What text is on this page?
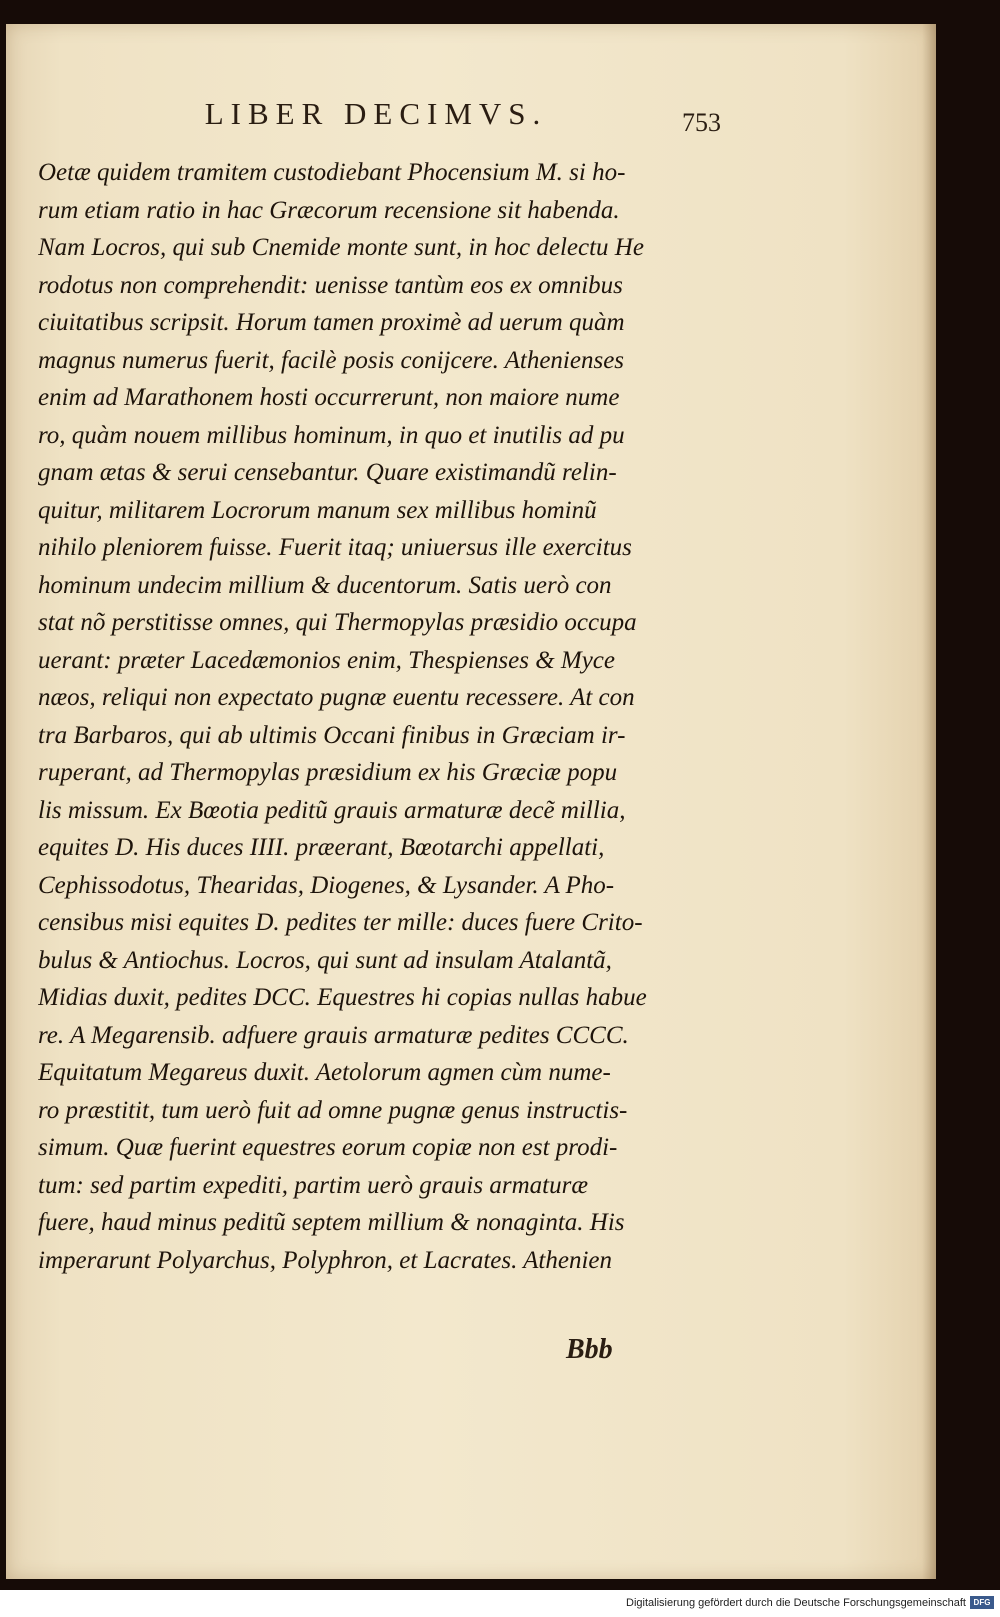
LIBER DECIMVS.	753
Oetæ quidem tramitem custodiebant Phocensium M. si ho-
rum etiam ratio in hac Græcorum recensione sit habenda.
Nam Locros, qui sub Cnemide monte sunt, in hoc delectu He
rodotus non comprehendit: uenisse tantùm eos ex omnibus
ciuitatibus scripsit. Horum tamen proximè ad uerum quàm
magnus numerus fuerit, facilè posis conijcere. Athenienses
enim ad Marathonem hosti occurrerunt, non maiore nume
ro, quàm nouem millibus hominum, in quo et inutilis ad pu
gnam ætas & serui censebantur. Quare existimandũ relin-
quitur, militarem Locrorum manum sex millibus hominũ
nihilo pleniorem fuisse. Fuerit itaq; uniuersus ille exercitus
hominum undecim millium & ducentorum. Satis uerò con
stat nõ perstitisse omnes, qui Thermopylas præsidio occupa
uerant: præter Lacedæmonios enim, Thespienses & Myce
næos, reliqui non expectato pugnæ euentu recessere. At con
tra Barbaros, qui ab ultimis Occani finibus in Græciam ir-
ruperant, ad Thermopylas præsidium ex his Græciæ popu
lis missum. Ex Bœotia peditũ grauis armaturæ decẽ millia,
equites D. His duces IIII. præerant, Bœotarchi appellati,
Cephissodotus, Thearidas, Diogenes, & Lysander. A Pho-
censibus misi equites D. pedites ter mille: duces fuere Crito-
bulus & Antiochus. Locros, qui sunt ad insulam Atalantã,
Midias duxit, pedites DCC. Equestres hi copias nullas habue
re. A Megarensib. adfuere grauis armaturæ pedites CCCC.
Equitatum Megareus duxit. Aetolorum agmen cùm nume-
ro præstitit, tum uerò fuit ad omne pugnæ genus instructis-
simum. Quæ fuerint equestres eorum copiæ non est prodi-
tum: sed partim expediti, partim uerò grauis armaturæ
fuere, haud minus peditũ septem millium & nonaginta. His
imperarunt Polyarchus, Polyphron, et Lacrates. Athenien
Bbb
Digitalisierung gefördert durch die Deutsche Forschungsgemeinschaft DFG
